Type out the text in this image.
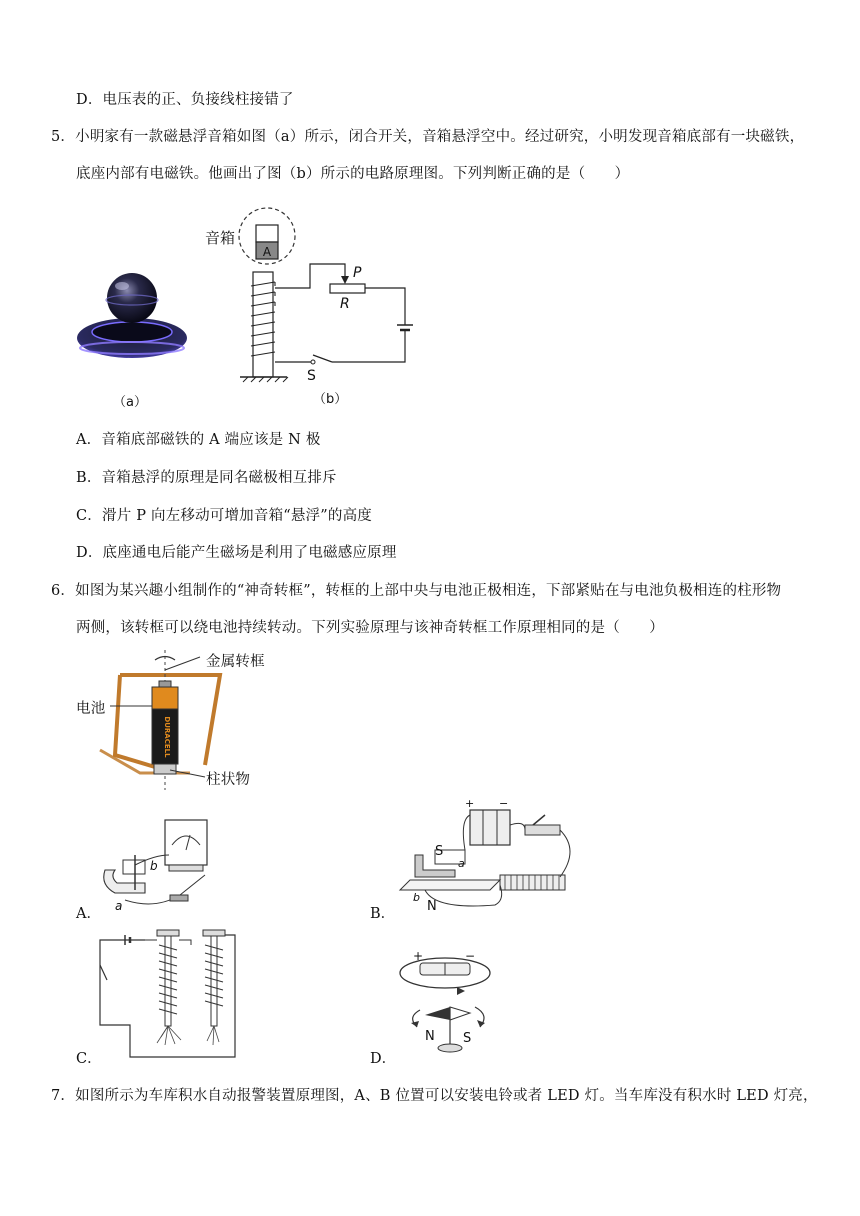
D．电压表的正、负接线柱接错了
5．小明家有一款磁悬浮音箱如图（a）所示，闭合开关，音箱悬浮空中。经过研究，小明发现音箱底部有一块磁铁，
底座内部有电磁铁。他画出了图（b）所示的电路原理图。下列判断正确的是（　　）
（a）
A
音箱
P
R
S
（b）
A．音箱底部磁铁的 A 端应该是 N 极
B．音箱悬浮的原理是同名磁极相互排斥
C．滑片 P 向左移动可增加音箱“悬浮”的高度
D．底座通电后能产生磁场是利用了电磁感应原理
6．如图为某兴趣小组制作的“神奇转框”，转框的上部中央与电池正极相连，下部紧贴在与电池负极相连的柱形物
两侧，该转框可以绕电池持续转动。下列实验原理与该神奇转框工作原理相同的是（　　）
DURACELL
金属转框
电池
柱状物
A．
b
a	B．
+ −
S
N
a
b
C．	D．
+	−
N S
7．如图所示为车库积水自动报警装置原理图，A、B 位置可以安装电铃或者 LED 灯。当车库没有积水时 LED 灯亮，
